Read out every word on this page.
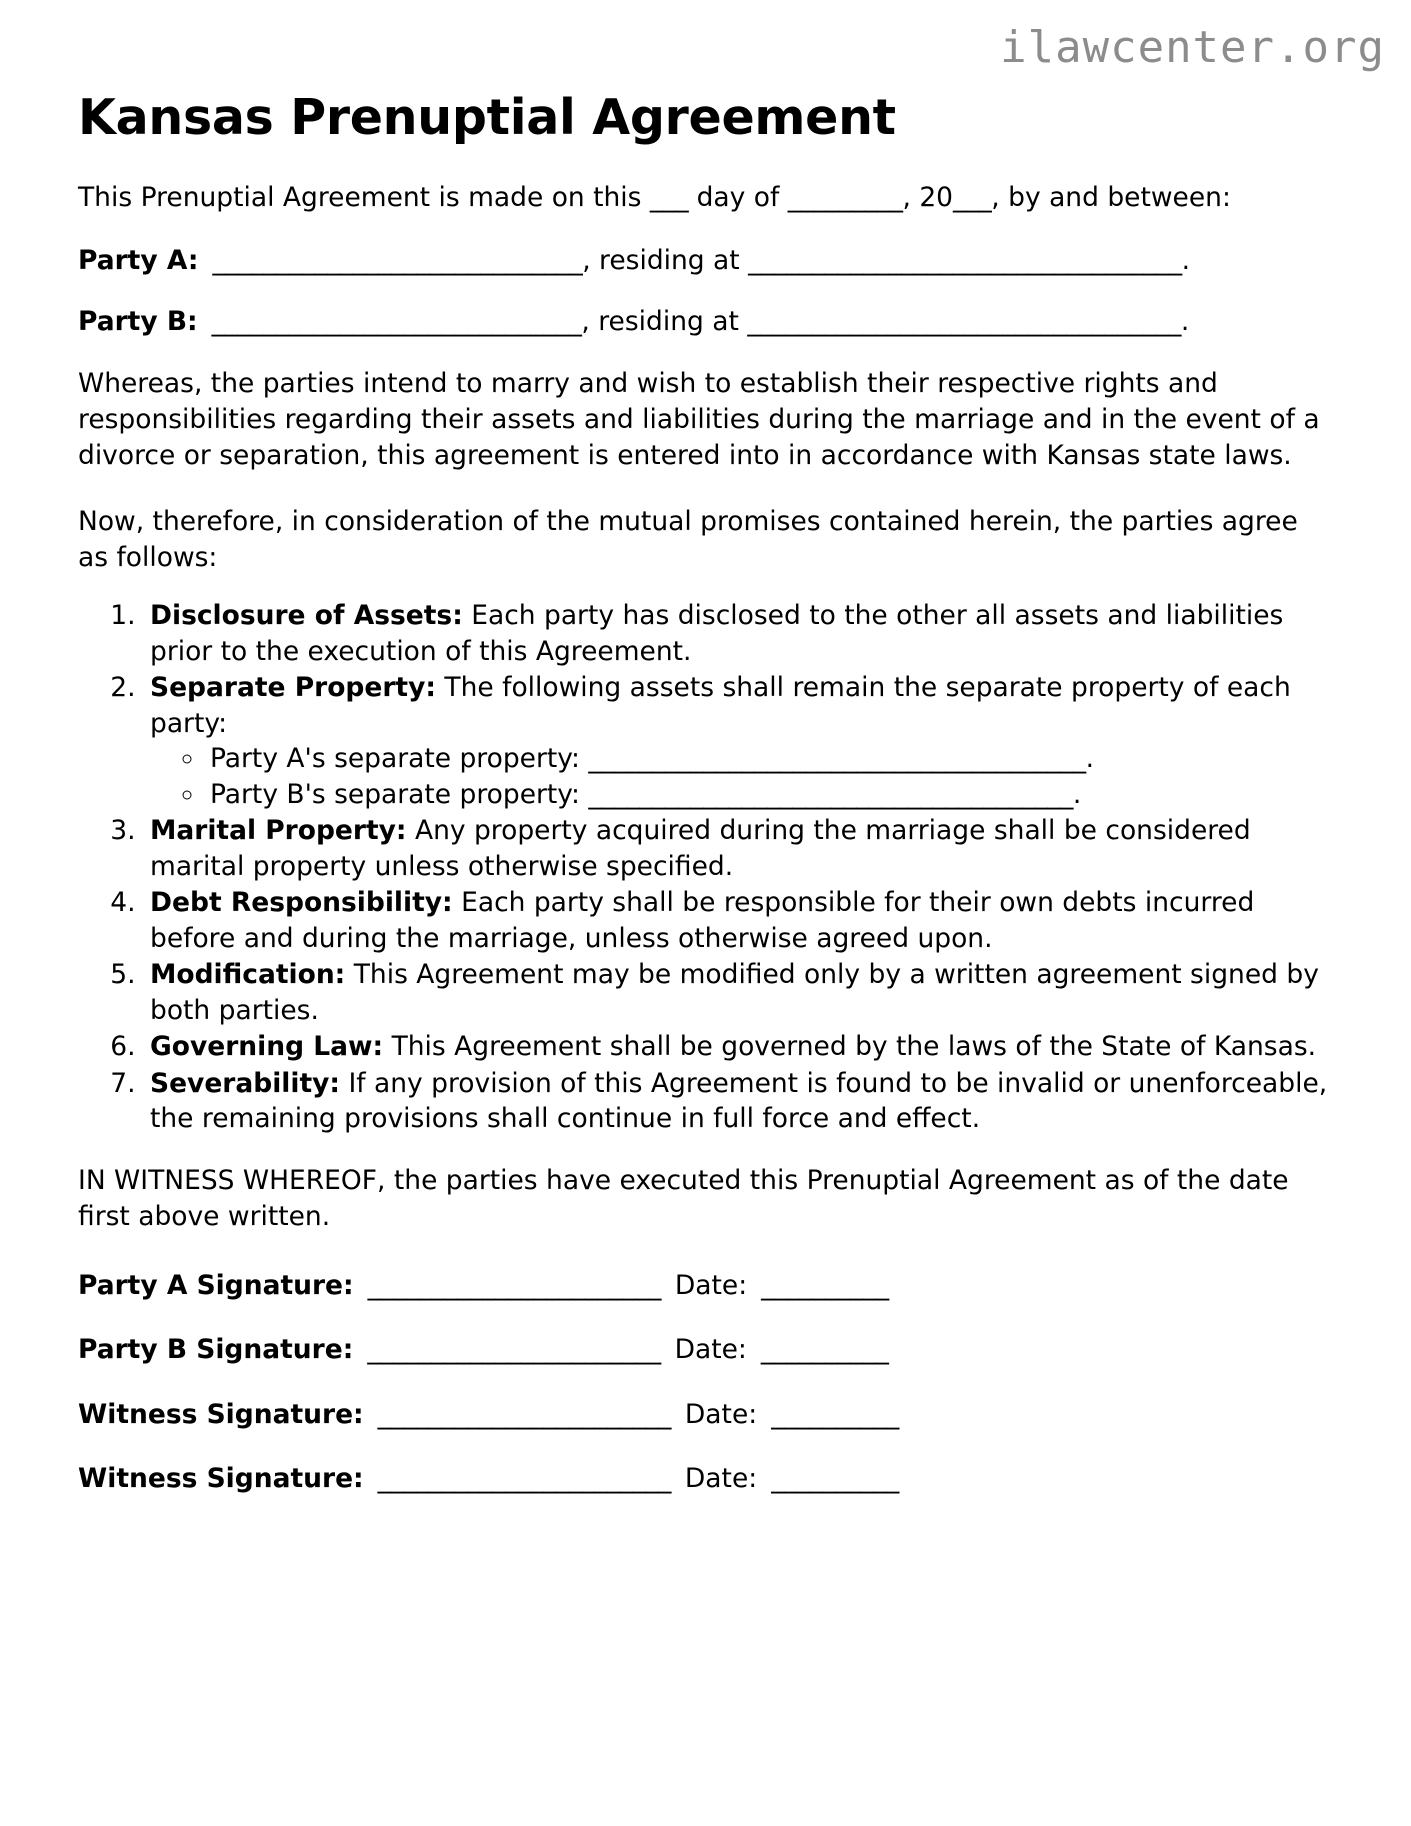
ilawcenter.org
Kansas Prenuptial Agreement

This Prenuptial Agreement is made on this ___ day of _________, 20___, by and between:

Party A: _____________________________, residing at __________________________________.

Party B: _____________________________, residing at __________________________________.

Whereas, the parties intend to marry and wish to establish their respective rights and responsibilities regarding their assets and liabilities during the marriage and in the event of a divorce or separation, this agreement is entered into in accordance with Kansas state laws.

Now, therefore, in consideration of the mutual promises contained herein, the parties agree as follows:

1. Disclosure of Assets: Each party has disclosed to the other all assets and liabilities prior to the execution of this Agreement.
2. Separate Property: The following assets shall remain the separate property of each party:
◦ Party A's separate property: _______________________________________.
◦ Party B's separate property: ______________________________________.
3. Marital Property: Any property acquired during the marriage shall be considered marital property unless otherwise specified.
4. Debt Responsibility: Each party shall be responsible for their own debts incurred before and during the marriage, unless otherwise agreed upon.
5. Modification: This Agreement may be modified only by a written agreement signed by both parties.
6. Governing Law: This Agreement shall be governed by the laws of the State of Kansas.
7. Severability: If any provision of this Agreement is found to be invalid or unenforceable, the remaining provisions shall continue in full force and effect.

IN WITNESS WHEREOF, the parties have executed this Prenuptial Agreement as of the date first above written.

Party A Signature: _______________________ Date: __________

Party B Signature: _______________________ Date: __________

Witness Signature: _______________________ Date: __________

Witness Signature: _______________________ Date: __________
